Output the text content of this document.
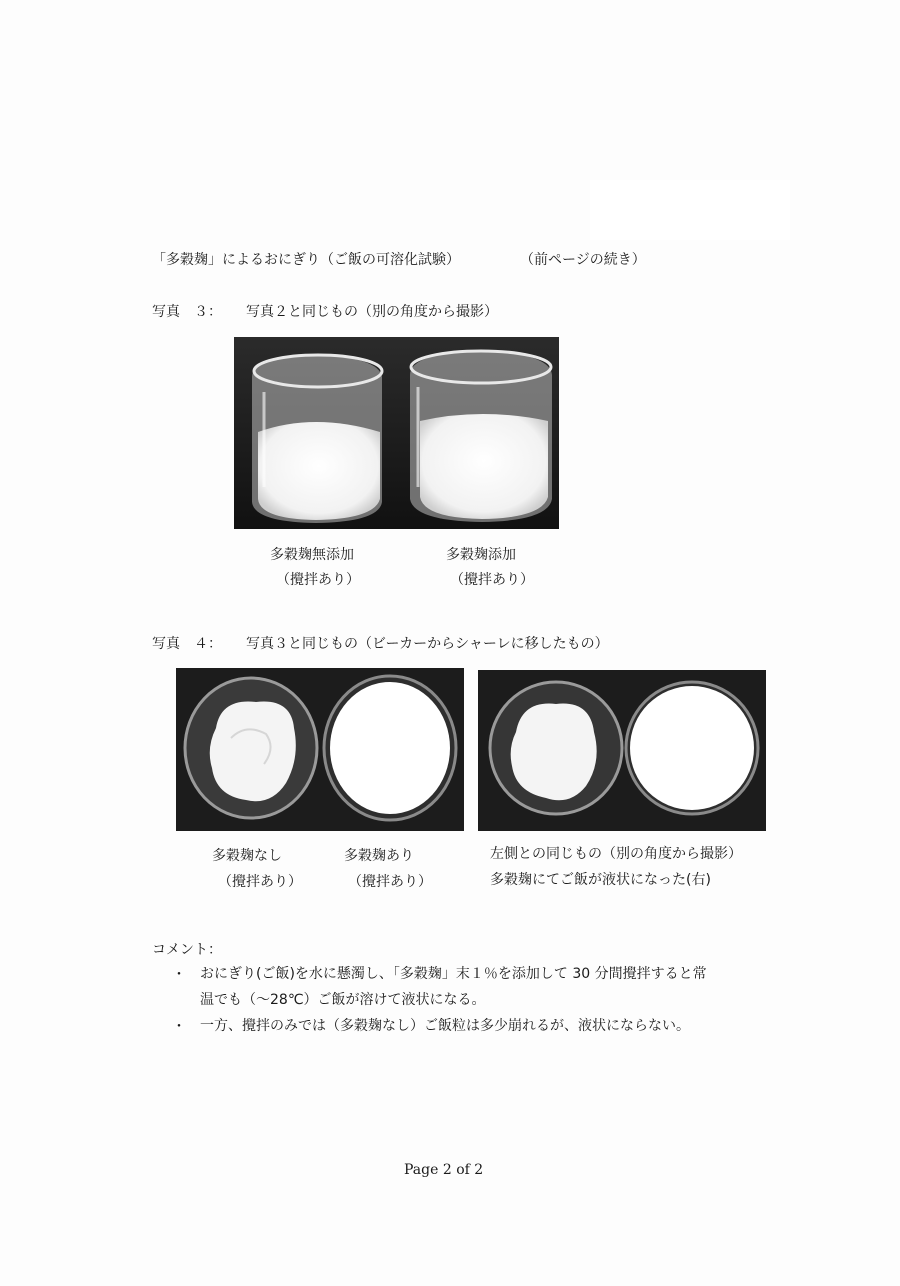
「多穀麹」によるおにぎり（ご飯の可溶化試験）	（前ページの続き）
写真　３： 写真２と同じもの（別の角度から撮影）
多穀麹無添加
（攪拌あり）
多穀麹添加
（攪拌あり）
写真　４： 写真３と同じもの（ビーカーからシャーレに移したもの）
多穀麹なし
（攪拌あり）
多穀麹あり
（攪拌あり）
左側との同じもの（別の角度から撮影）
多穀麹にてご飯が液状になった(右)
コメント：
・ おにぎり(ご飯)を水に懸濁し、「多穀麹」末１％を添加して 30 分間攪拌すると常
温でも（～28℃）ご飯が溶けて液状になる。
・ 一方、攪拌のみでは（多穀麹なし）ご飯粒は多少崩れるが、液状にならない。
Page 2 of 2
